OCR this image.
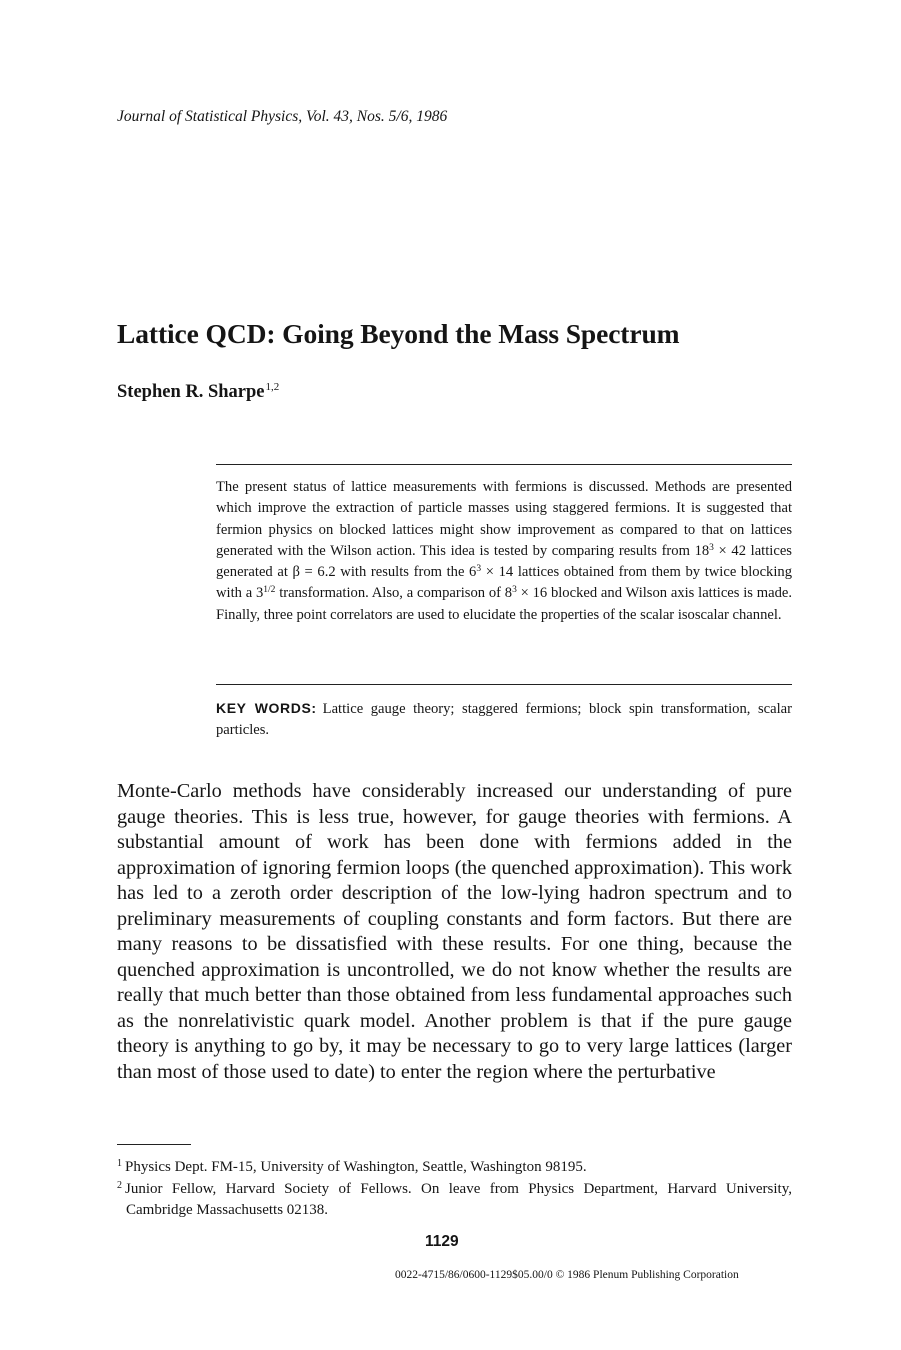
Journal of Statistical Physics, Vol. 43, Nos. 5/6, 1986
Lattice QCD: Going Beyond the Mass Spectrum
Stephen R. Sharpe$^{1,2}$
The present status of lattice measurements with fermions is discussed. Methods are presented which improve the extraction of particle masses using staggered fermions. It is suggested that fermion physics on blocked lattices might show improvement as compared to that on lattices generated with the Wilson action. This idea is tested by comparing results from $18^3 \times 42$ lattices generated at β = 6.2 with results from the $6^3 \times 14$ lattices obtained from them by twice blocking with a $3^{1/2}$ transformation. Also, a comparison of $8^3 \times 16$ blocked and Wilson axis lattices is made. Finally, three point correlators are used to elucidate the properties of the scalar isoscalar channel.
KEY WORDS: Lattice gauge theory; staggered fermions; block spin transformation, scalar particles.

Monte-Carlo methods have considerably increased our understanding of pure gauge theories. This is less true, however, for gauge theories with fermions. A substantial amount of work has been done with fermions added in the approximation of ignoring fermion loops (the quenched approximation). This work has led to a zeroth order description of the low-lying hadron spectrum and to preliminary measurements of coupling constants and form factors. But there are many reasons to be dissatisfied with these results. For one thing, because the quenched approximation is uncontrolled, we do not know whether the results are really that much better than those obtained from less fundamental approaches such as the nonrelativistic quark model. Another problem is that if the pure gauge theory is anything to go by, it may be necessary to go to very large lattices (larger than most of those used to date) to enter the region where the perturbative

$^1$ Physics Dept. FM-15, University of Washington, Seattle, Washington 98195.
$^2$ Junior Fellow, Harvard Society of Fellows. On leave from Physics Department, Harvard University, Cambridge Massachusetts 02138.
1129
0022-4715/86/0600-1129$05.00/0 © 1986 Plenum Publishing Corporation
